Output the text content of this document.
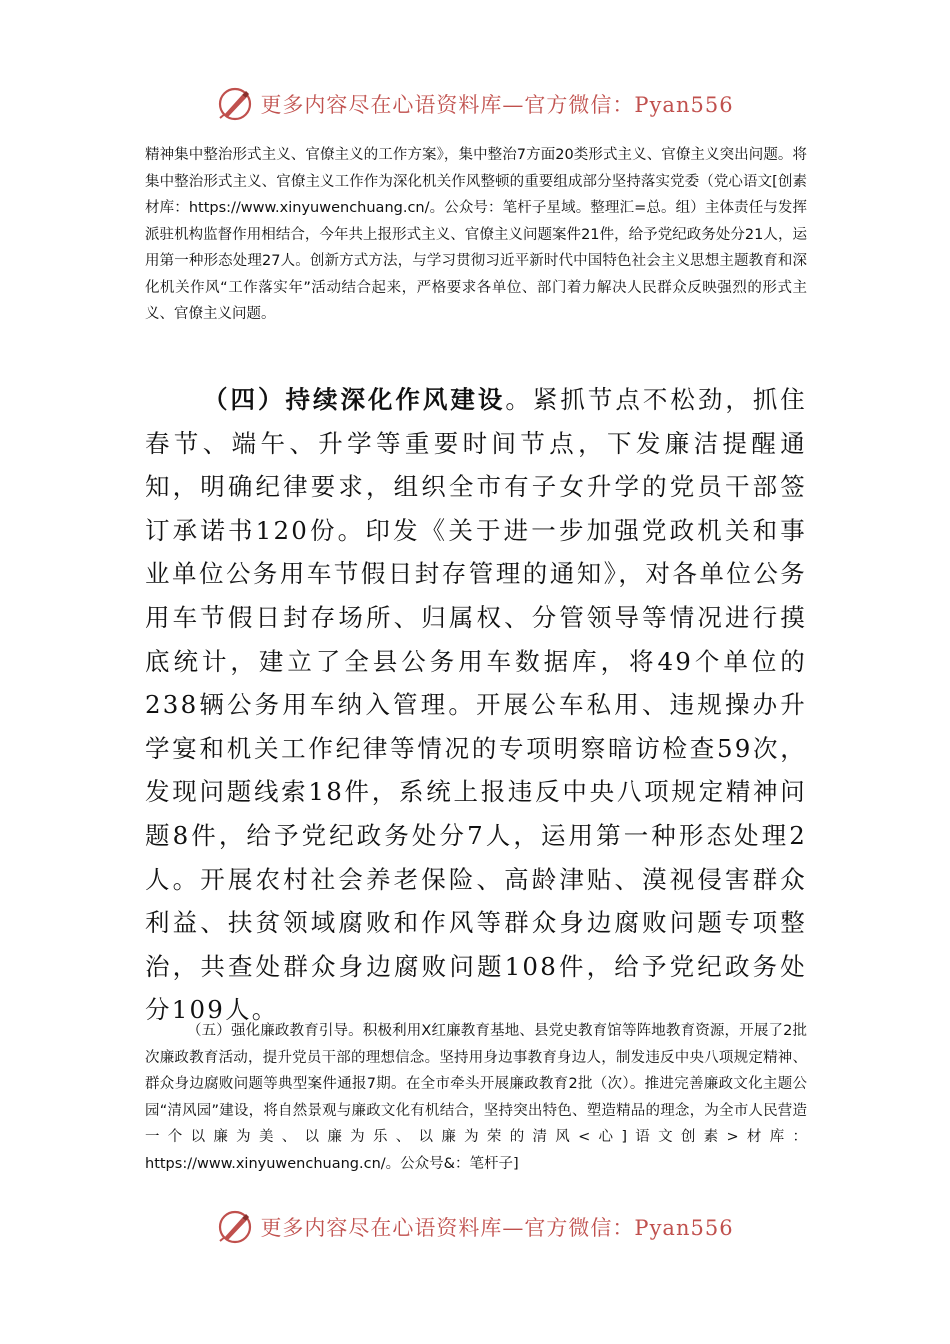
更多内容尽在心语资料库—官方微信：Pyan556

精神集中整治形式主义、官僚主义的工作方案》，集中整治7方面20类形式主义、官僚主义突出问题。将集中整治形式主义、官僚主义工作作为深化机关作风整顿的重要组成部分坚持落实党委（党心语文[创素材库：https://www.xinyuwenchuang.cn/。公众号：笔杆子星域。整理汇=总。组）主体责任与发挥派驻机构监督作用相结合，今年共上报形式主义、官僚主义问题案件21件，给予党纪政务处分21人，运用第一种形态处理27人。创新方式方法，与学习贯彻习近平新时代中国特色社会主义思想主题教育和深化机关作风“工作落实年”活动结合起来，严格要求各单位、部门着力解决人民群众反映强烈的形式主义、官僚主义问题。

（四）持续深化作风建设。紧抓节点不松劲，抓住春节、端午、升学等重要时间节点，下发廉洁提醒通知，明确纪律要求，组织全市有子女升学的党员干部签订承诺书120份。印发《关于进一步加强党政机关和事业单位公务用车节假日封存管理的通知》，对各单位公务用车节假日封存场所、归属权、分管领导等情况进行摸底统计，建立了全县公务用车数据库，将49个单位的238辆公务用车纳入管理。开展公车私用、违规操办升学宴和机关工作纪律等情况的专项明察暗访检查59次，发现问题线索18件，系统上报违反中央八项规定精神问题8件，给予党纪政务处分7人，运用第一种形态处理2人。开展农村社会养老保险、高龄津贴、漠视侵害群众利益、扶贫领域腐败和作风等群众身边腐败问题专项整治，共查处群众身边腐败问题108件，给予党纪政务处分109人。

（五）强化廉政教育引导。积极利用X红廉教育基地、县党史教育馆等阵地教育资源，开展了2批次廉政教育活动，提升党员干部的理想信念。坚持用身边事教育身边人，制发违反中央八项规定精神、群众身边腐败问题等典型案件通报7期。在全市牵头开展廉政教育2批（次）。推进完善廉政文化主题公园“清风园”建设，将自然景观与廉政文化有机结合，坚持突出特色、塑造精品的理念，为全市人民营造一个以廉为美、以廉为乐、以廉为荣的清风<心]语文创素>材库：https://www.xinyuwenchuang.cn/。公众号&：笔杆子]

更多内容尽在心语资料库—官方微信：Pyan556
